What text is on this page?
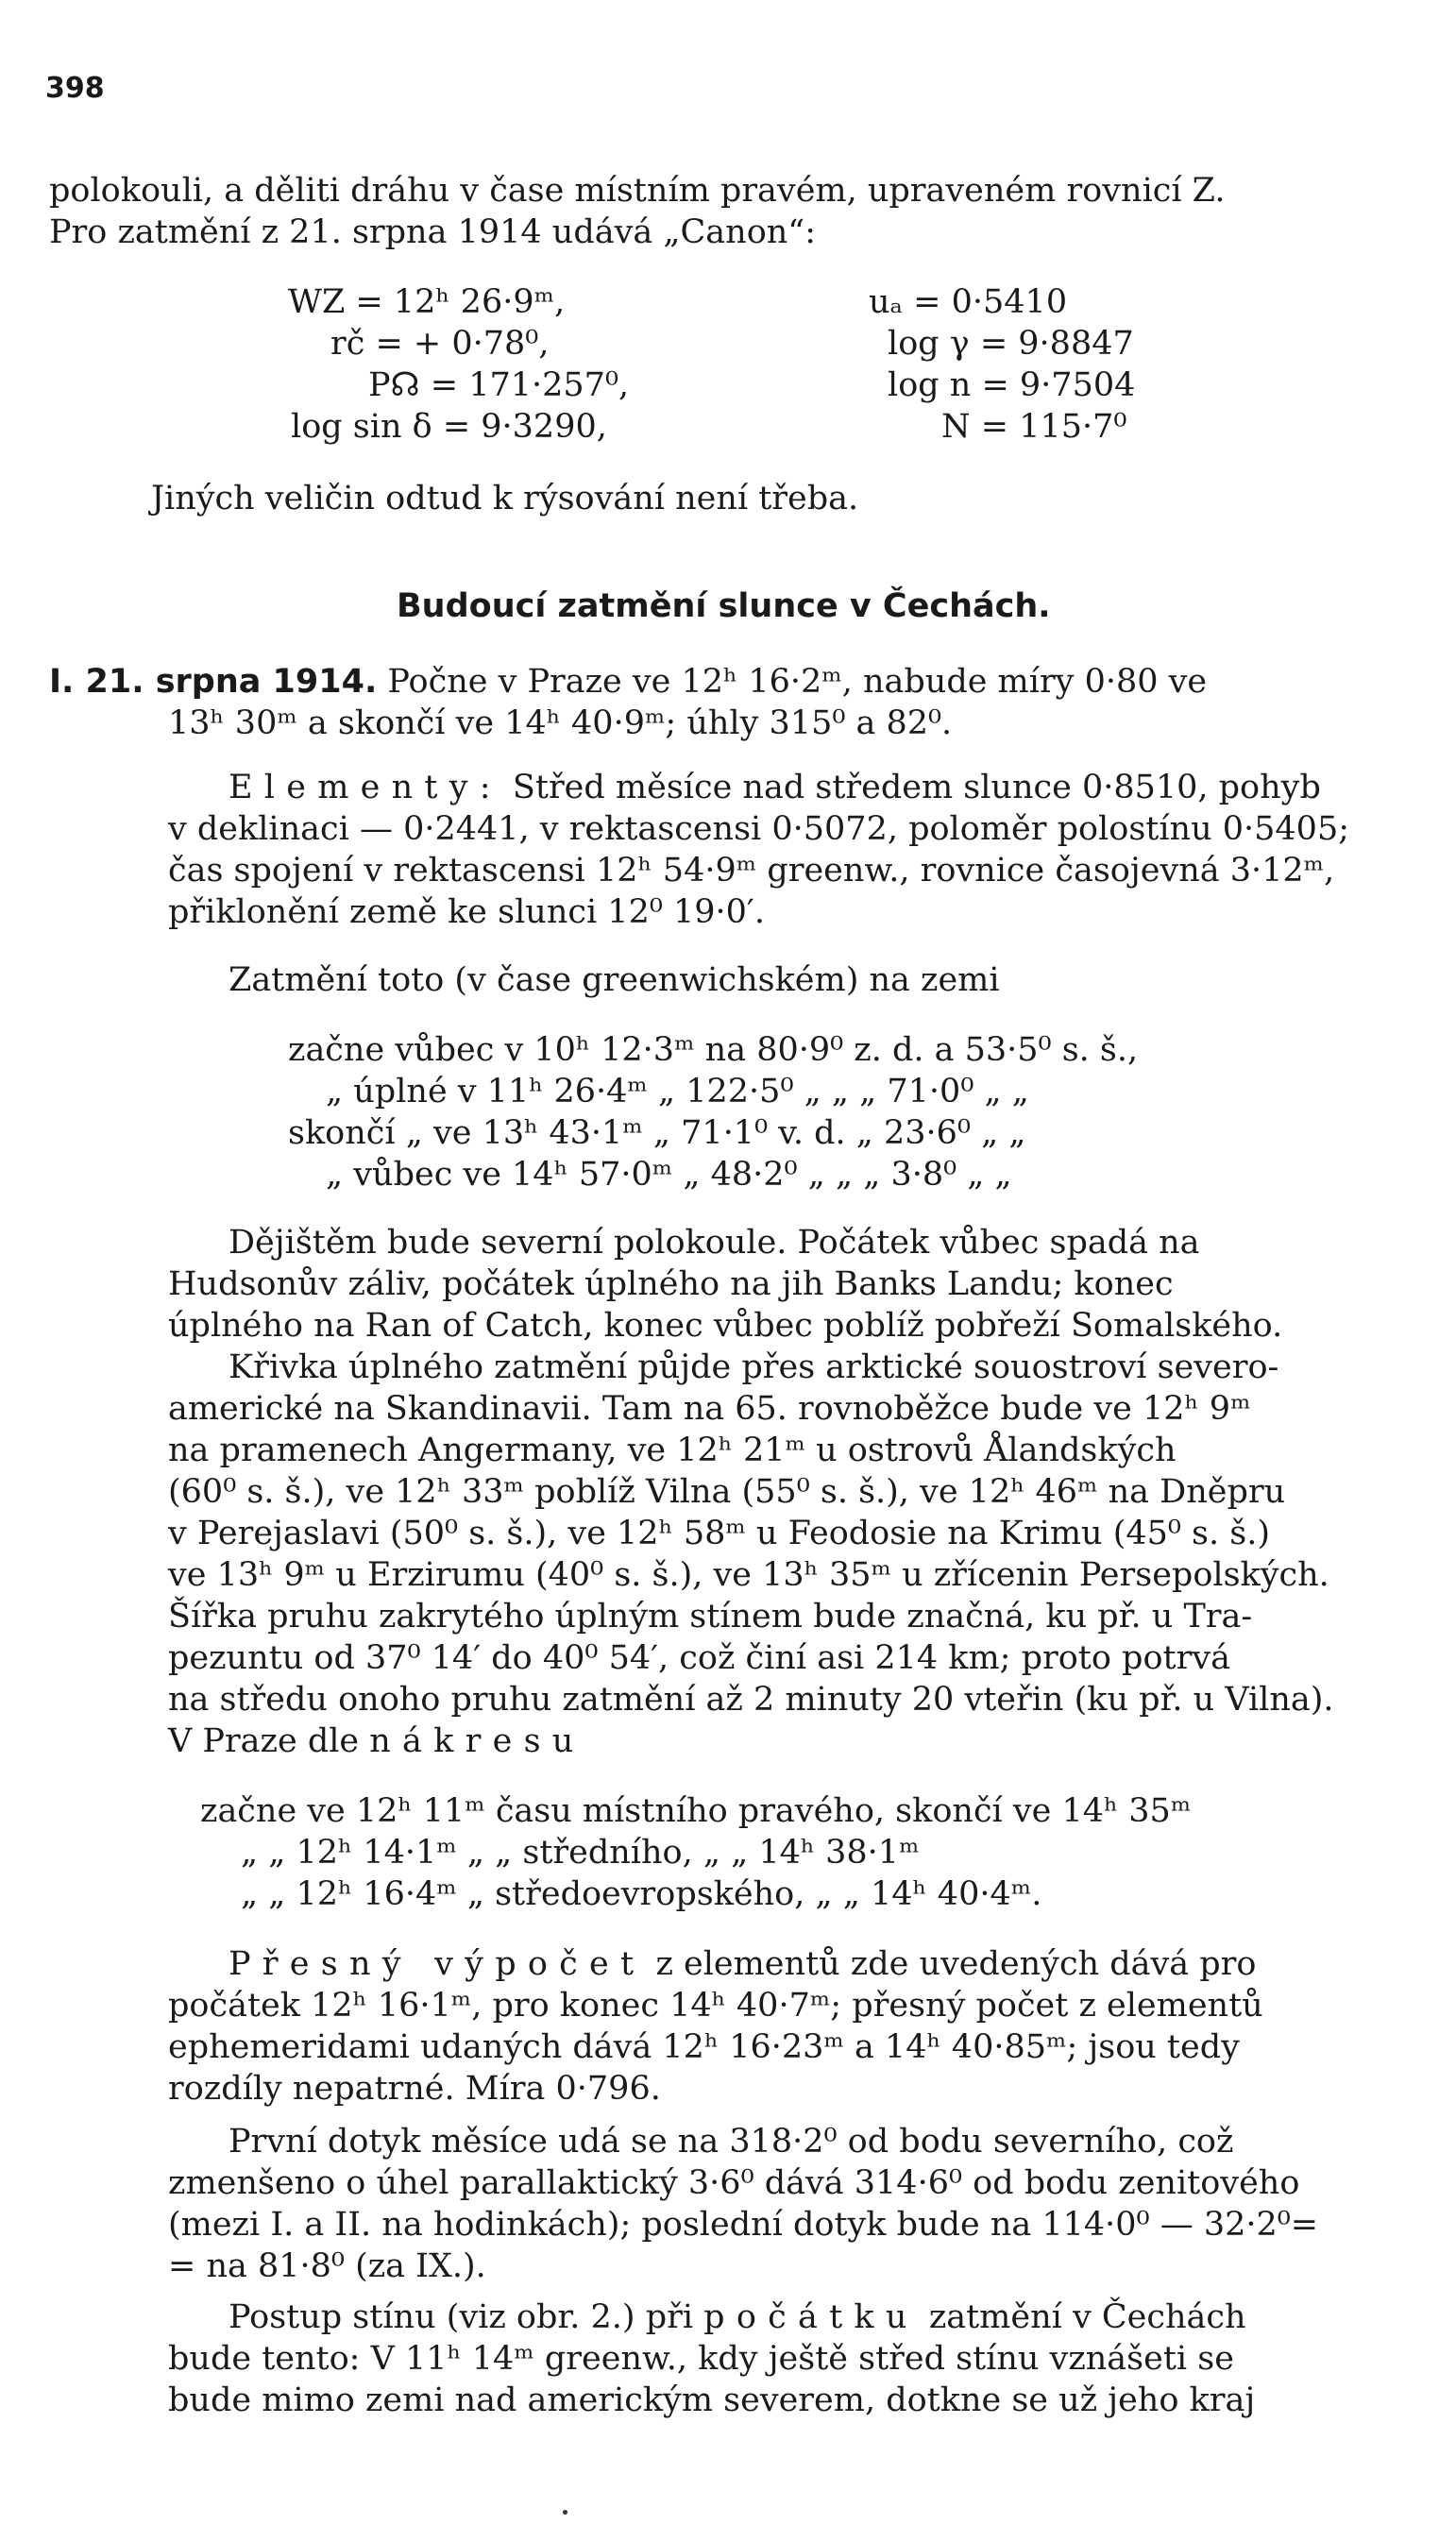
398
polokouli, a děliti dráhu v čase místním pravém, upraveném rovnicí Z.
Pro zatmění z 21. srpna 1914 udává „Canon“:
WZ = 12ʰ 26·9ᵐ,
rč = + 0·78⁰,
P☊ = 171·257⁰,
log sin δ = 9·3290,
uₐ = 0·5410
log γ = 9·8847
log n = 9·7504
N = 115·7⁰
Jiných veličin odtud k rýsování není třeba.
Budoucí zatmění slunce v Čechách.
I. 21. srpna 1914. Počne v Praze ve 12ʰ 16·2ᵐ, nabude míry 0·80 ve
13ʰ 30ᵐ a skončí ve 14ʰ 40·9ᵐ; úhly 315⁰ a 82⁰.
Elementy: Střed měsíce nad středem slunce 0·8510, pohyb
v deklinaci — 0·2441, v rektascensi 0·5072, poloměr polostínu 0·5405;
čas spojení v rektascensi 12ʰ 54·9ᵐ greenw., rovnice časojevná 3·12ᵐ,
přiklonění země ke slunci 12⁰ 19·0′.
Zatmění toto (v čase greenwichském) na zemi
začne vůbec v 10ʰ 12·3ᵐ na 80·9⁰ z. d. a 53·5⁰ s. š.,
„ úplné v 11ʰ 26·4ᵐ „ 122·5⁰ „ „ „ 71·0⁰ „ „
skončí „ ve 13ʰ 43·1ᵐ „ 71·1⁰ v. d. „ 23·6⁰ „ „
„ vůbec ve 14ʰ 57·0ᵐ „ 48·2⁰ „ „ „ 3·8⁰ „ „
Dějištěm bude severní polokoule. Počátek vůbec spadá na
Hudsonův záliv, počátek úplného na jih Banks Landu; konec
úplného na Ran of Catch, konec vůbec poblíž pobřeží Somalského.
Křivka úplného zatmění půjde přes arktické souostroví severo-
americké na Skandinavii. Tam na 65. rovnoběžce bude ve 12ʰ 9ᵐ
na pramenech Angermany, ve 12ʰ 21ᵐ u ostrovů Ålandských
(60⁰ s. š.), ve 12ʰ 33ᵐ poblíž Vilna (55⁰ s. š.), ve 12ʰ 46ᵐ na Dněpru
v Perejaslavi (50⁰ s. š.), ve 12ʰ 58ᵐ u Feodosie na Krimu (45⁰ s. š.)
ve 13ʰ 9ᵐ u Erzirumu (40⁰ s. š.), ve 13ʰ 35ᵐ u zřícenin Persepolských.
Šířka pruhu zakrytého úplným stínem bude značná, ku př. u Tra-
pezuntu od 37⁰ 14′ do 40⁰ 54′, což činí asi 214 km; proto potrvá
na středu onoho pruhu zatmění až 2 minuty 20 vteřin (ku př. u Vilna).
V Praze dle nákresu
začne ve 12ʰ 11ᵐ času místního pravého, skončí ve 14ʰ 35ᵐ
„ „ 12ʰ 14·1ᵐ „ „ středního, „ „ 14ʰ 38·1ᵐ
„ „ 12ʰ 16·4ᵐ „ středoevropského, „ „ 14ʰ 40·4ᵐ.
Přesný výpočet z elementů zde uvedených dává pro
počátek 12ʰ 16·1ᵐ, pro konec 14ʰ 40·7ᵐ; přesný počet z elementů
ephemeridami udaných dává 12ʰ 16·23ᵐ a 14ʰ 40·85ᵐ; jsou tedy
rozdíly nepatrné. Míra 0·796.
První dotyk měsíce udá se na 318·2⁰ od bodu severního, což
zmenšeno o úhel parallaktický 3·6⁰ dává 314·6⁰ od bodu zenitového
(mezi I. a II. na hodinkách); poslední dotyk bude na 114·0⁰ — 32·2⁰=
= na 81·8⁰ (za IX.).
Postup stínu (viz obr. 2.) při počátku zatmění v Čechách
bude tento: V 11ʰ 14ᵐ greenw., kdy ještě střed stínu vznášeti se
bude mimo zemi nad americkým severem, dotkne se už jeho kraj
